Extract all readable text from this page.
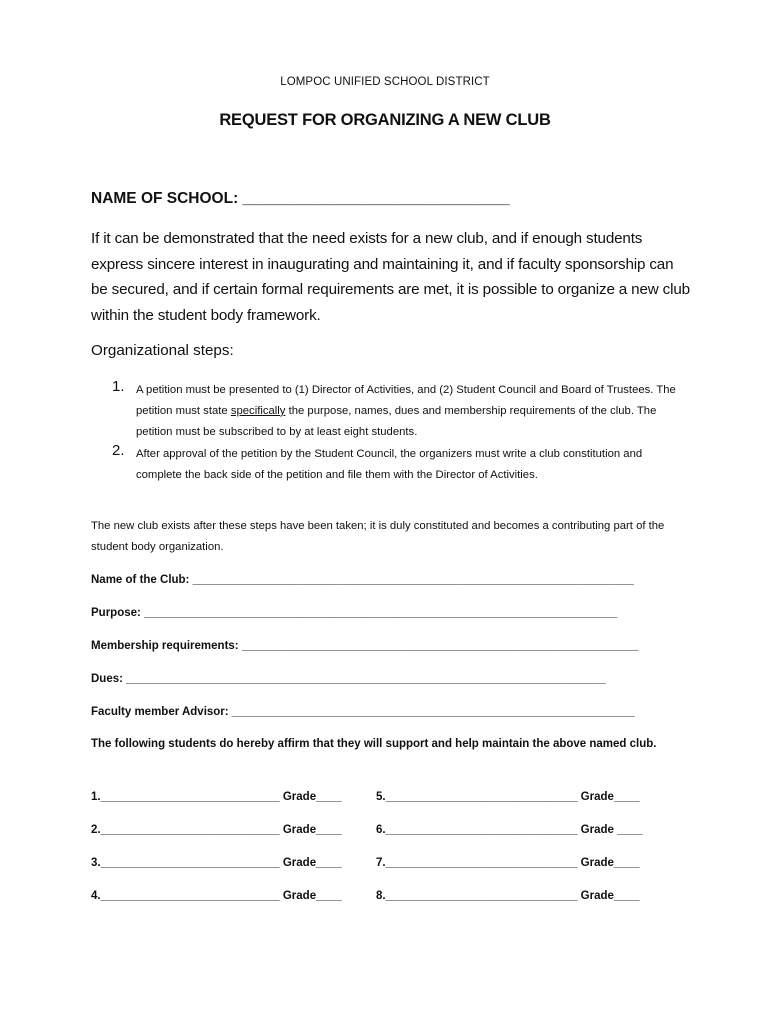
LOMPOC UNIFIED SCHOOL DISTRICT
REQUEST FOR ORGANIZING A NEW CLUB
NAME OF SCHOOL: _______________________________
If it can be demonstrated that the need exists for a new club, and if enough students express sincere interest in inaugurating and maintaining it, and if faculty sponsorship can be secured, and if certain formal requirements are met, it is possible to organize a new club within the student body framework.
Organizational steps:
1. A petition must be presented to (1) Director of Activities, and (2) Student Council and Board of Trustees. The petition must state specifically the purpose, names, dues and membership requirements of the club. The petition must be subscribed to by at least eight students.
2. After approval of the petition by the Student Council, the organizers must write a club constitution and complete the back side of the petition and file them with the Director of Activities.
The new club exists after these steps have been taken; it is duly constituted and becomes a contributing part of the student body organization.
Name of the Club: _____________________________________________________________________
Purpose: __________________________________________________________________________
Membership requirements: ______________________________________________________________
Dues: ___________________________________________________________________________
Faculty member Advisor: _______________________________________________________________
The following students do hereby affirm that they will support and help maintain the above named club.
1.____________________________ Grade____	5.______________________________ Grade____
2.____________________________ Grade____	6.______________________________ Grade ____
3.____________________________ Grade____	7.______________________________ Grade____
4.____________________________ Grade____	8.______________________________ Grade____
